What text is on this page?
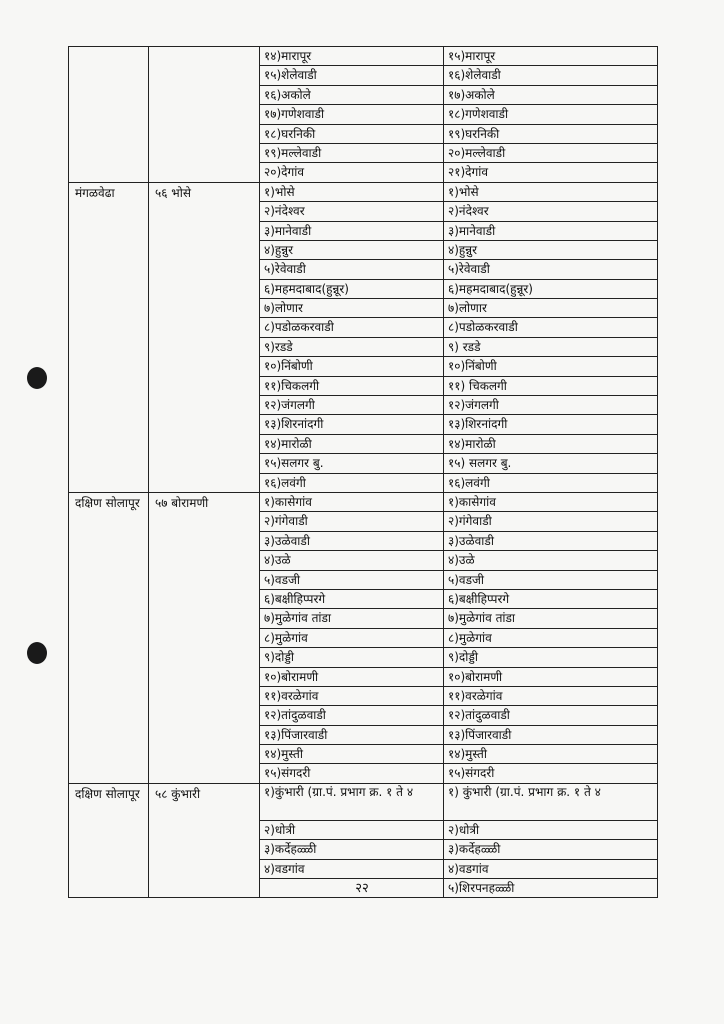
		१४)मारापूर	१५)मारापूर
		१५)शेलेवाडी	१६)शेलेवाडी
		१६)अकोले	१७)अकोले
		१७)गणेशवाडी	१८)गणेशवाडी
		१८)घरनिकी	१९)घरनिकी
		१९)मल्लेवाडी	२०)मल्लेवाडी
		२०)देगांव	२१)देगांव
मंगळवेढा	५६ भोसे	१)भोसे	१)भोसे
		२)नंदेश्वर	२)नंदेश्वर
		३)मानेवाडी	३)मानेवाडी
		४)हुन्नुर	४)हुन्नुर
		५)रेवेवाडी	५)रेवेवाडी
		६)महमदाबाद(हुन्नूर)	६)महमदाबाद(हुन्नूर)
		७)लोणार	७)लोणार
		८)पडोळकरवाडी	८)पडोळकरवाडी
		९)रडडे	९) रडडे
		१०)निंबोणी	१०)निंबोणी
		११)चिकलगी	११) चिकलगी
		१२)जंगलगी	१२)जंगलगी
		१३)शिरनांदगी	१३)शिरनांदगी
		१४)मारोळी	१४)मारोळी
		१५)सलगर बु.	१५) सलगर बु.
		१६)लवंगी	१६)लवंगी
दक्षिण सोलापूर	५७ बोरामणी	१)कासेगांव	१)कासेगांव
		२)गंगेवाडी	२)गंगेवाडी
		३)उळेवाडी	३)उळेवाडी
		४)उळे	४)उळे
		५)वडजी	५)वडजी
		६)बक्षीहिप्परगे	६)बक्षीहिप्परगे
		७)मुळेगांव तांडा	७)मुळेगांव तांडा
		८)मुळेगांव	८)मुळेगांव
		९)दोड्डी	९)दोड्डी
		१०)बोरामणी	१०)बोरामणी
		११)वरळेगांव	११)वरळेगांव
		१२)तांदुळवाडी	१२)तांदुळवाडी
		१३)पिंजारवाडी	१३)पिंजारवाडी
		१४)मुस्ती	१४)मुस्ती
		१५)संगदरी	१५)संगदरी
दक्षिण सोलापूर	५८ कुंभारी	१)कुंभारी (ग्रा.पं. प्रभाग क्र. १ ते ४	१) कुंभारी (ग्रा.पं. प्रभाग क्र. १ ते ४
		२)धोत्री	२)धोत्री
		३)कर्देहळ्ळी	३)कर्देहळ्ळी
		४)वडगांव	४)वडगांव
			५)शिरपनहळ्ळी
२२
